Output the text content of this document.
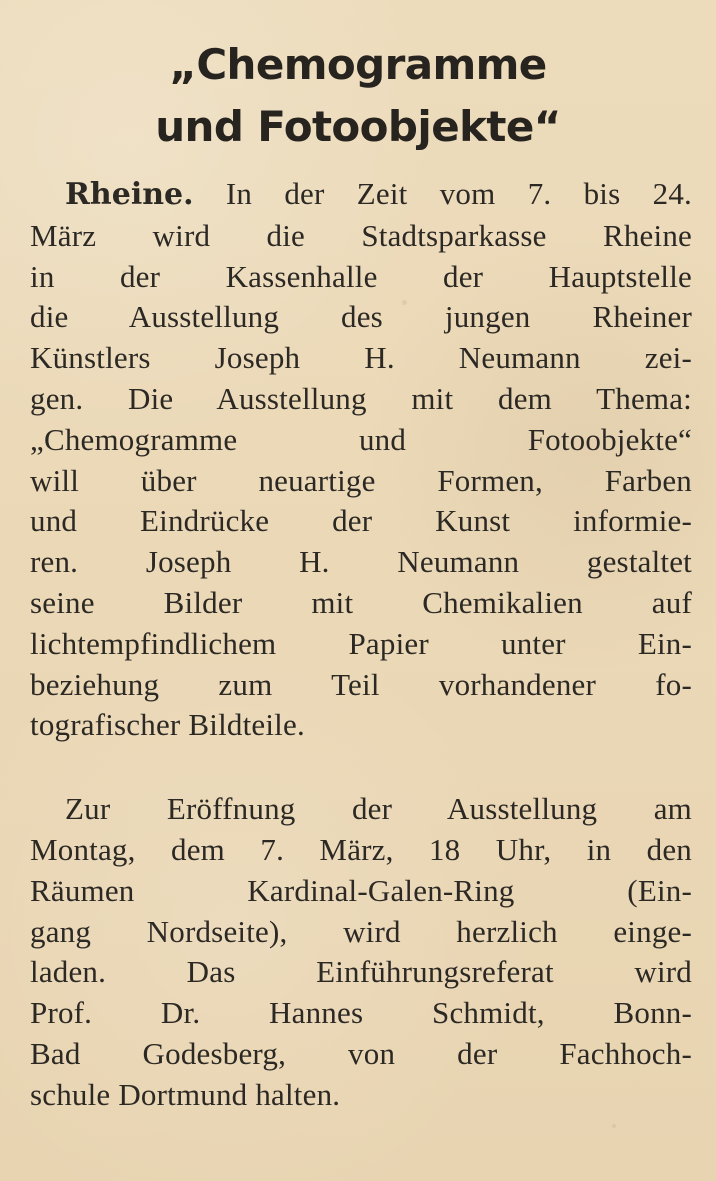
„Chemogramme
und Fotoobjekte“

Rheine. In der Zeit vom 7. bis 24.

März wird die Stadtsparkasse Rheine

in der Kassenhalle der Hauptstelle

die Ausstellung des jungen Rheiner

Künstlers Joseph H. Neumann zei-

gen. Die Ausstellung mit dem Thema:

„Chemogramme und Fotoobjekte“

will über neuartige Formen, Farben

und Eindrücke der Kunst informie-

ren. Joseph H. Neumann gestaltet

seine Bilder mit Chemikalien auf

lichtempfindlichem Papier unter Ein-

beziehung zum Teil vorhandener fo-

tografischer Bildteile.

Zur Eröffnung der Ausstellung am

Montag, dem 7. März, 18 Uhr, in den

Räumen Kardinal-Galen-Ring (Ein-

gang Nordseite), wird herzlich einge-

laden. Das Einführungsreferat wird

Prof. Dr. Hannes Schmidt, Bonn-

Bad Godesberg, von der Fachhoch-

schule Dortmund halten.
